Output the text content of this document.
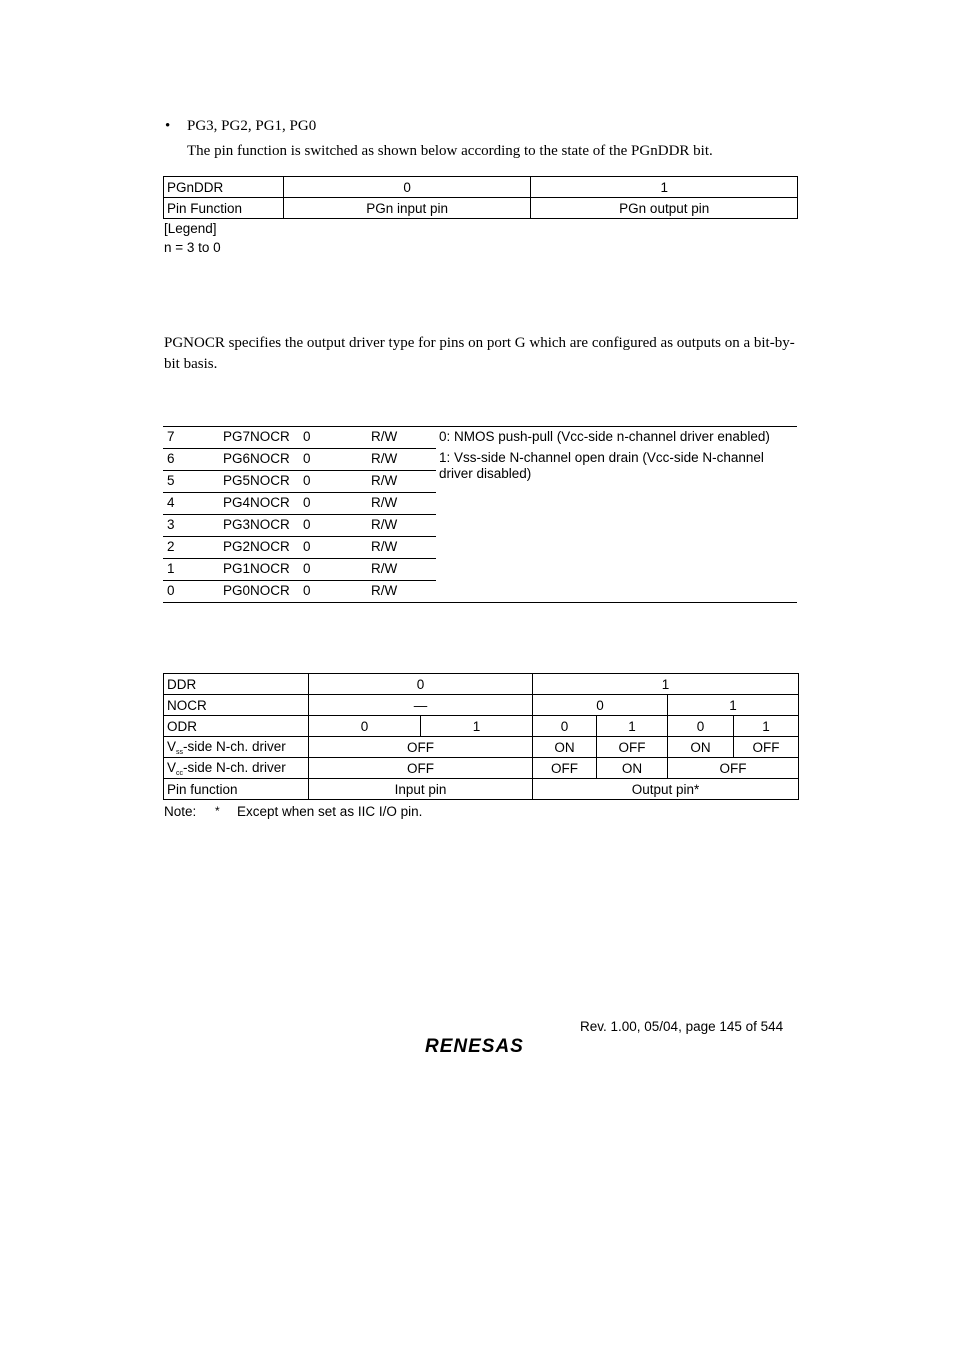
• PG3, PG2, PG1, PG0
The pin function is switched as shown below according to the state of the PGnDDR bit.
PGnDDR	0	1
Pin Function	PGn input pin	PGn output pin
[Legend]
n = 3 to 0
PGNOCR specifies the output driver type for pins on port G which are configured as outputs on a bit-by-bit basis.
7	PG7NOCR 0	R/W
6	PG6NOCR 0	R/W
5	PG5NOCR 0	R/W
4	PG4NOCR 0	R/W
3	PG3NOCR 0	R/W
2	PG2NOCR 0	R/W
1	PG1NOCR 0	R/W
0	PG0NOCR 0	R/W
0: NMOS push-pull (Vcc-side n-channel driver enabled)
1: Vss-side N-channel open drain (Vcc-side N-channel driver disabled)
DDR	0		1			
NOCR	—		0		1	
ODR	0	1	0	1	0	1
$V_{ss}$-side N-ch. driver	OFF		ON	OFF	ON	OFF
$V_{cc}$-side N-ch. driver	OFF		OFF	ON	OFF	
Pin function	Input pin		Output pin*			
Note: * Except when set as IIC I/O pin.
Rev. 1.00, 05/04, page 145 of 544
RENESAS
